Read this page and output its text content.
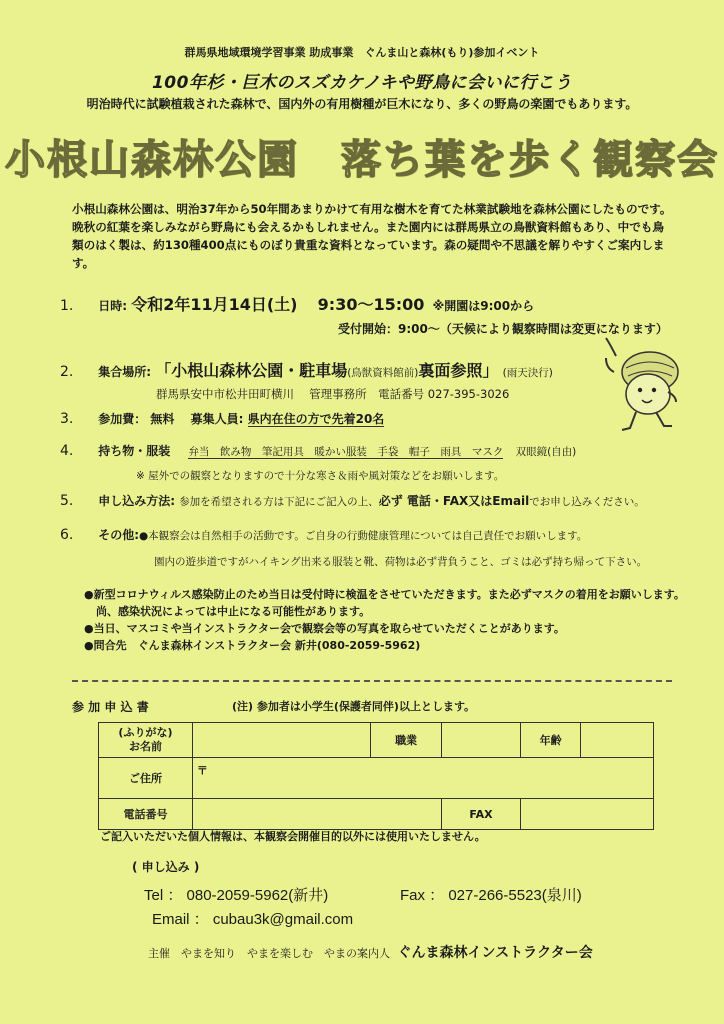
群馬県地域環境学習事業 助成事業　ぐんま山と森林(もり)参加イベント
100年杉・巨木のスズカケノキや野鳥に会いに行こう
明治時代に試験植栽された森林で、国内外の有用樹種が巨木になり、多くの野鳥の楽園でもあります。
小根山森林公園　落ち葉を歩く観察会
小根山森林公園は、明治37年から50年間あまりかけて有用な樹木を育てた林業試験地を森林公園にしたものです。晩秋の紅葉を楽しみながら野鳥にも会えるかもしれません。また園内には群馬県立の鳥獣資料館もあり、中でも鳥類のはく製は、約130種400点にものぼり貴重な資料となっています。森の疑問や不思議を解りやすくご案内します。
1. 日時: 令和2年11月14日(土) 9:30～15:00 ※開園は9:00から
受付開始：9:00～（天候により観察時間は変更になります）
2. 集合場所: 「小根山森林公園・駐車場(鳥獣資料館前)裏面参照」 (雨天決行)
群馬県安中市松井田町横川　 管理事務所　電話番号 027-395-3026
3. 参加費： 無料 募集人員: 県内在住の方で先着20名
4. 持ち物・服装 弁当　飲み物　筆記用具　暖かい服装　手袋　帽子　雨具　マスク 双眼鏡(自由)
※ 屋外での観察となりますので十分な寒さ＆雨や風対策などをお願いします。
5. 申し込み方法: 参加を希望される方は下記にご記入の上、必ず 電話・FAX又はEmailでお申し込みください。
6. その他:●本観察会は自然相手の活動です。ご自身の行動健康管理については自己責任でお願いします。
園内の遊歩道ですがハイキング出来る服装と靴、荷物は必ず背負うこと、ゴミは必ず持ち帰って下さい。
●新型コロナウィルス感染防止のため当日は受付時に検温をさせていただきます。また必ずマスクの着用をお願いします。
尚、感染状況によっては中止になる可能性があります。
●当日、マスコミや当インストラクター会で観察会等の写真を取らせていただくことがあります。
●問合先　ぐんま森林インストラクター会 新井(080-2059-5962)
参 加 申 込 書	(注) 参加者は小学生(保護者同伴)以上とします。
(ふりがな)
お名前		職業		年齢	
ご住所	〒				
電話番号			FAX		
ご記入いただいた個人情報は、本観察会開催目的以外には使用いたしません。
( 申し込み )
Tel ： 080-2059-5962(新井)	Fax ： 027-266-5523(泉川)
Email ： cubau3k@gmail.com
主催　やまを知り　やまを楽しむ　やまの案内人 ぐんま森林インストラクター会
